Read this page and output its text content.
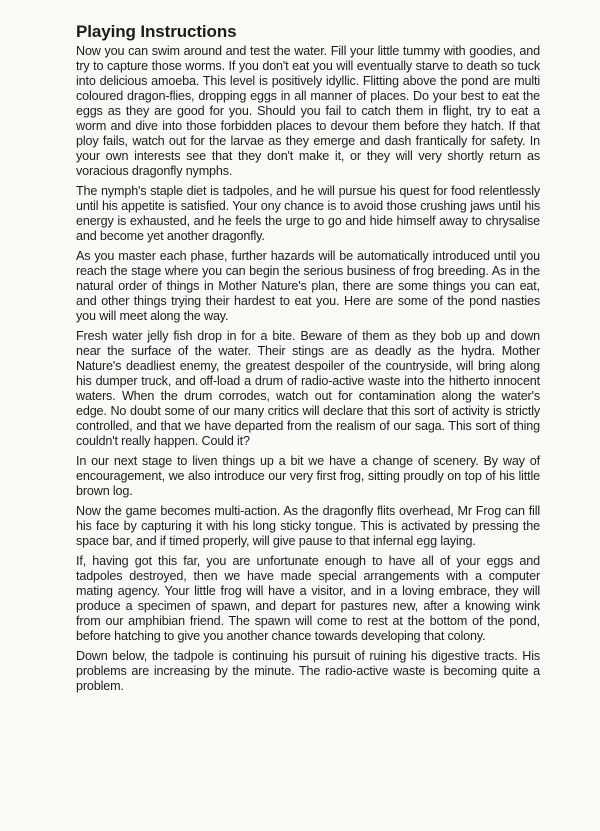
Playing Instructions

Now you can swim around and test the water. Fill your little tummy with goodies, and try to capture those worms. If you don't eat you will eventually starve to death so tuck into delicious amoeba. This level is positively idyllic. Flitting above the pond are multi coloured dragon-flies, dropping eggs in all manner of places. Do your best to eat the eggs as they are good for you. Should you fail to catch them in flight, try to eat a worm and dive into those forbidden places to devour them before they hatch. If that ploy fails, watch out for the larvae as they emerge and dash frantically for safety. In your own interests see that they don't make it, or they will very shortly return as voracious dragonfly nymphs.

The nymph's staple diet is tadpoles, and he will pursue his quest for food relentlessly until his appetite is satisfied. Your ony chance is to avoid those crushing jaws until his energy is exhausted, and he feels the urge to go and hide himself away to chrysalise and become yet another dragonfly.

As you master each phase, further hazards will be automatically introduced until you reach the stage where you can begin the serious business of frog breeding. As in the natural order of things in Mother Nature's plan, there are some things you can eat, and other things trying their hardest to eat you. Here are some of the pond nasties you will meet along the way.

Fresh water jelly fish drop in for a bite. Beware of them as they bob up and down near the surface of the water. Their stings are as deadly as the hydra. Mother Nature's deadliest enemy, the greatest despoiler of the countryside, will bring along his dumper truck, and off-load a drum of radio-active waste into the hitherto innocent waters. When the drum corrodes, watch out for contamination along the water's edge. No doubt some of our many critics will declare that this sort of activity is strictly controlled, and that we have departed from the realism of our saga. This sort of thing couldn't really happen. Could it?

In our next stage to liven things up a bit we have a change of scenery. By way of encouragement, we also introduce our very first frog, sitting proudly on top of his little brown log.

Now the game becomes multi-action. As the dragonfly flits overhead, Mr Frog can fill his face by capturing it with his long sticky tongue. This is activated by pressing the space bar, and if timed properly, will give pause to that infernal egg laying.

If, having got this far, you are unfortunate enough to have all of your eggs and tadpoles destroyed, then we have made special arrangements with a computer mating agency. Your little frog will have a visitor, and in a loving embrace, they will produce a specimen of spawn, and depart for pastures new, after a knowing wink from our amphibian friend. The spawn will come to rest at the bottom of the pond, before hatching to give you another chance towards developing that colony.

Down below, the tadpole is continuing his pursuit of ruining his digestive tracts. His problems are increasing by the minute. The radio-active waste is becoming quite a problem.
